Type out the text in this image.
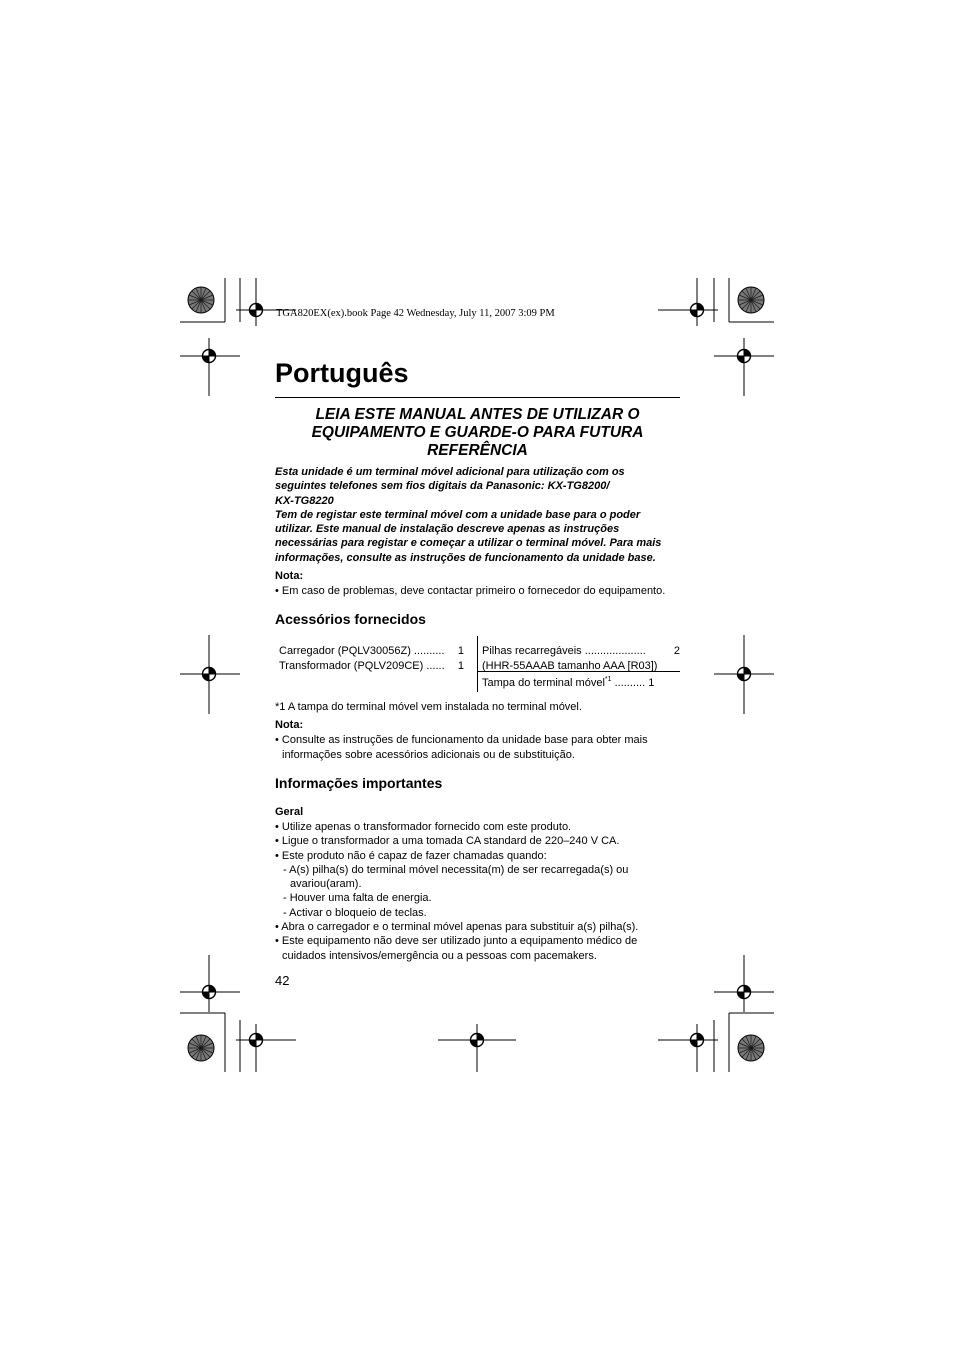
TGA820EX(ex).book Page 42 Wednesday, July 11, 2007 3:09 PM
Português
LEIA ESTE MANUAL ANTES DE UTILIZAR O
EQUIPAMENTO E GUARDE-O PARA FUTURA
REFERÊNCIA
Esta unidade é um terminal móvel adicional para utilização com os
seguintes telefones sem fios digitais da Panasonic: KX-TG8200/
KX-TG8220
Tem de registar este terminal móvel com a unidade base para o poder
utilizar. Este manual de instalação descreve apenas as instruções
necessárias para registar e começar a utilizar o terminal móvel. Para mais
informações, consulte as instruções de funcionamento da unidade base.
Nota:
• Em caso de problemas, deve contactar primeiro o fornecedor do equipamento.
Acessórios fornecidos
Carregador (PQLV30056Z) .......... 1
Transformador (PQLV209CE) ...... 1
Pilhas recarregáveis ....................	2
(HHR-55AAAB tamanho AAA [R03])
Tampa do terminal móvel$^{*1}$ .......... 1
*1 A tampa do terminal móvel vem instalada no terminal móvel.
Nota:
• Consulte as instruções de funcionamento da unidade base para obter mais
informações sobre acessórios adicionais ou de substituição.
Informações importantes
Geral
• Utilize apenas o transformador fornecido com este produto.
• Ligue o transformador a uma tomada CA standard de 220–240 V CA.
• Este produto não é capaz de fazer chamadas quando:
- A(s) pilha(s) do terminal móvel necessita(m) de ser recarregada(s) ou
avariou(aram).
- Houver uma falta de energia.
- Activar o bloqueio de teclas.
• Abra o carregador e o terminal móvel apenas para substituir a(s) pilha(s).
• Este equipamento não deve ser utilizado junto a equipamento médico de
cuidados intensivos/emergência ou a pessoas com pacemakers.
42
